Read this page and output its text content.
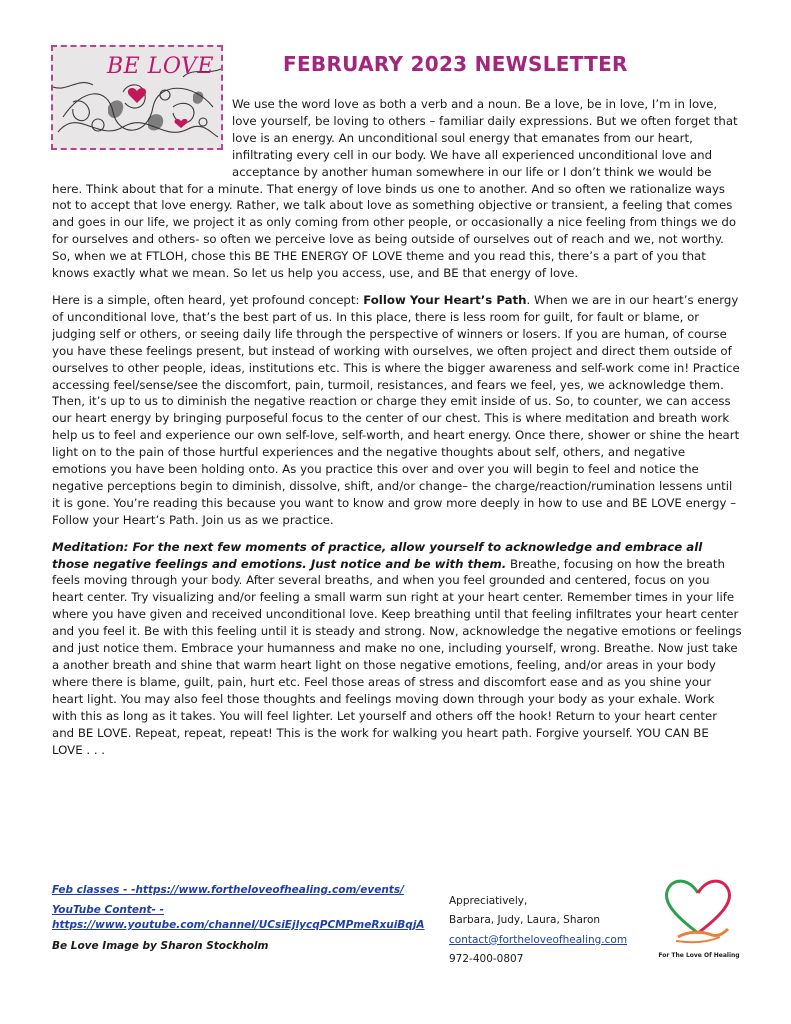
FEBRUARY 2023 NEWSLETTER
BE LOVE

We use the word love as both a verb and a noun. Be a love, be in love, I’m in love, love yourself, be loving to others – familiar daily expressions. But we often forget that love is an energy. An unconditional soul energy that emanates from our heart, infiltrating every cell in our body. We have all experienced unconditional love and acceptance by another human somewhere in our life or I don’t think we would be here. Think about that for a minute. That energy of love binds us one to another. And so often we rationalize ways not to accept that love energy. Rather, we talk about love as something objective or transient, a feeling that comes and goes in our life, we project it as only coming from other people, or occasionally a nice feeling from things we do for ourselves and others- so often we perceive love as being outside of ourselves out of reach and we, not worthy. So, when we at FTLOH, chose this BE THE ENERGY OF LOVE theme and you read this, there’s a part of you that knows exactly what we mean. So let us help you access, use, and BE that energy of love.

Here is a simple, often heard, yet profound concept: Follow Your Heart’s Path. When we are in our heart’s energy of unconditional love, that’s the best part of us. In this place, there is less room for guilt, for fault or blame, or judging self or others, or seeing daily life through the perspective of winners or losers. If you are human, of course you have these feelings present, but instead of working with ourselves, we often project and direct them outside of ourselves to other people, ideas, institutions etc. This is where the bigger awareness and self-work come in! Practice accessing feel/sense/see the discomfort, pain, turmoil, resistances, and fears we feel, yes, we acknowledge them. Then, it’s up to us to diminish the negative reaction or charge they emit inside of us. So, to counter, we can access our heart energy by bringing purposeful focus to the center of our chest. This is where meditation and breath work help us to feel and experience our own self-love, self-worth, and heart energy. Once there, shower or shine the heart light on to the pain of those hurtful experiences and the negative thoughts about self, others, and negative emotions you have been holding onto. As you practice this over and over you will begin to feel and notice the negative perceptions begin to diminish, dissolve, shift, and/or change– the charge/reaction/rumination lessens until it is gone. You’re reading this because you want to know and grow more deeply in how to use and BE LOVE energy – Follow your Heart’s Path. Join us as we practice.

Meditation: For the next few moments of practice, allow yourself to acknowledge and embrace all those negative feelings and emotions. Just notice and be with them. Breathe, focusing on how the breath feels moving through your body. After several breaths, and when you feel grounded and centered, focus on you heart center. Try visualizing and/or feeling a small warm sun right at your heart center. Remember times in your life where you have given and received unconditional love. Keep breathing until that feeling infiltrates your heart center and you feel it. Be with this feeling until it is steady and strong. Now, acknowledge the negative emotions or feelings and just notice them. Embrace your humanness and make no one, including yourself, wrong. Breathe. Now just take a another breath and shine that warm heart light on those negative emotions, feeling, and/or areas in your body where there is blame, guilt, pain, hurt etc. Feel those areas of stress and discomfort ease and as you shine your heart light. You may also feel those thoughts and feelings moving down through your body as your exhale. Work with this as long as it takes. You will feel lighter. Let yourself and others off the hook! Return to your heart center and BE LOVE. Repeat, repeat, repeat! This is the work for walking you heart path. Forgive yourself. YOU CAN BE LOVE . . .

Feb classes - -https://www.fortheloveofhealing.com/events/
YouTube Content- -https://www.youtube.com/channel/UCsiEjlycqPCMPmeRxuiBqjA
Be Love Image by Sharon Stockholm
Appreciatively,
Barbara, Judy, Laura, Sharon
contact@fortheloveofhealing.com
972-400-0807	For The Love Of Healing
